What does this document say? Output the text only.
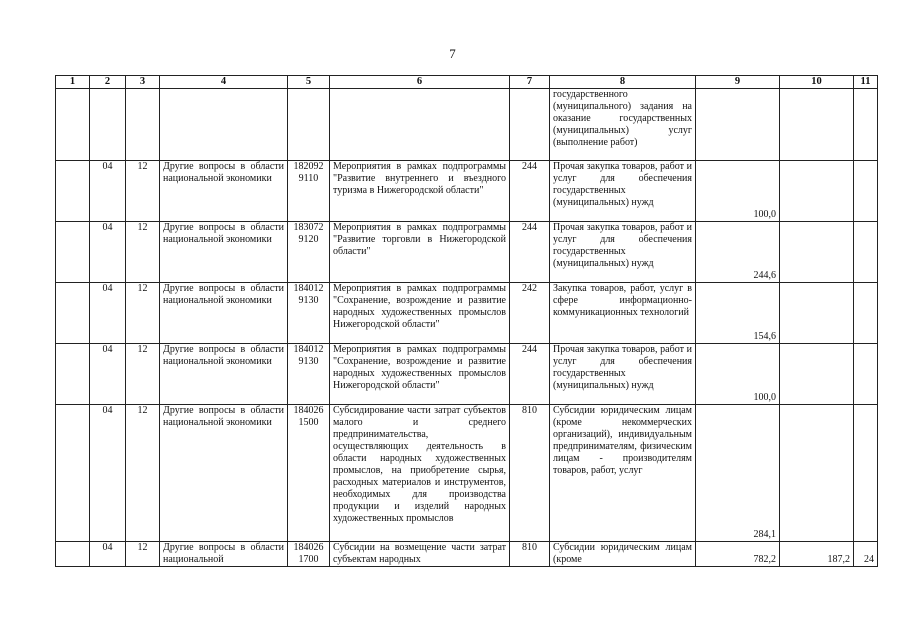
7
1	2	3	4	5	6	7	8	9	10	11
							государственного (муниципального) задания на оказание государственных (муниципальных) услуг (выполнение работ)			
	04	12	Другие вопросы в области национальной экономики	182092 9110	Мероприятия в рамках подпрограммы "Развитие внутреннего и въездного туризма в Нижегородской области"	244	Прочая закупка товаров, работ и услуг для обеспечения государственных (муниципальных) нужд	100,0		
	04	12	Другие вопросы в области национальной экономики	183072 9120	Мероприятия в рамках подпрограммы "Развитие торговли в Нижегородской области"	244	Прочая закупка товаров, работ и услуг для обеспечения государственных (муниципальных) нужд	244,6		
	04	12	Другие вопросы в области национальной экономики	184012 9130	Мероприятия в рамках подпрограммы "Сохранение, возрождение и развитие народных художественных промыслов Нижегородской области"	242	Закупка товаров, работ, услуг в сфере информационно-коммуникационных технологий	154,6		
	04	12	Другие вопросы в области национальной экономики	184012 9130	Мероприятия в рамках подпрограммы "Сохранение, возрождение и развитие народных художественных промыслов Нижегородской области"	244	Прочая закупка товаров, работ и услуг для обеспечения государственных (муниципальных) нужд	100,0		
	04	12	Другие вопросы в области национальной экономики	184026 1500	Субсидирование части затрат субъектов малого и среднего предпринимательства, осуществляющих деятельность в области народных художественных промыслов, на приобретение сырья, расходных материалов и инструментов, необходимых для производства продукции и изделий народных художественных промыслов	810	Субсидии юридическим лицам (кроме некоммерческих организаций), индивидуальным предпринимателям, физическим лицам - производителям товаров, работ, услуг	284,1		
	04	12	Другие вопросы в области национальной	184026 1700	Субсидии на возмещение части затрат субъектам народных	810	Субсидии юридическим лицам (кроме	782,2	187,2	24
